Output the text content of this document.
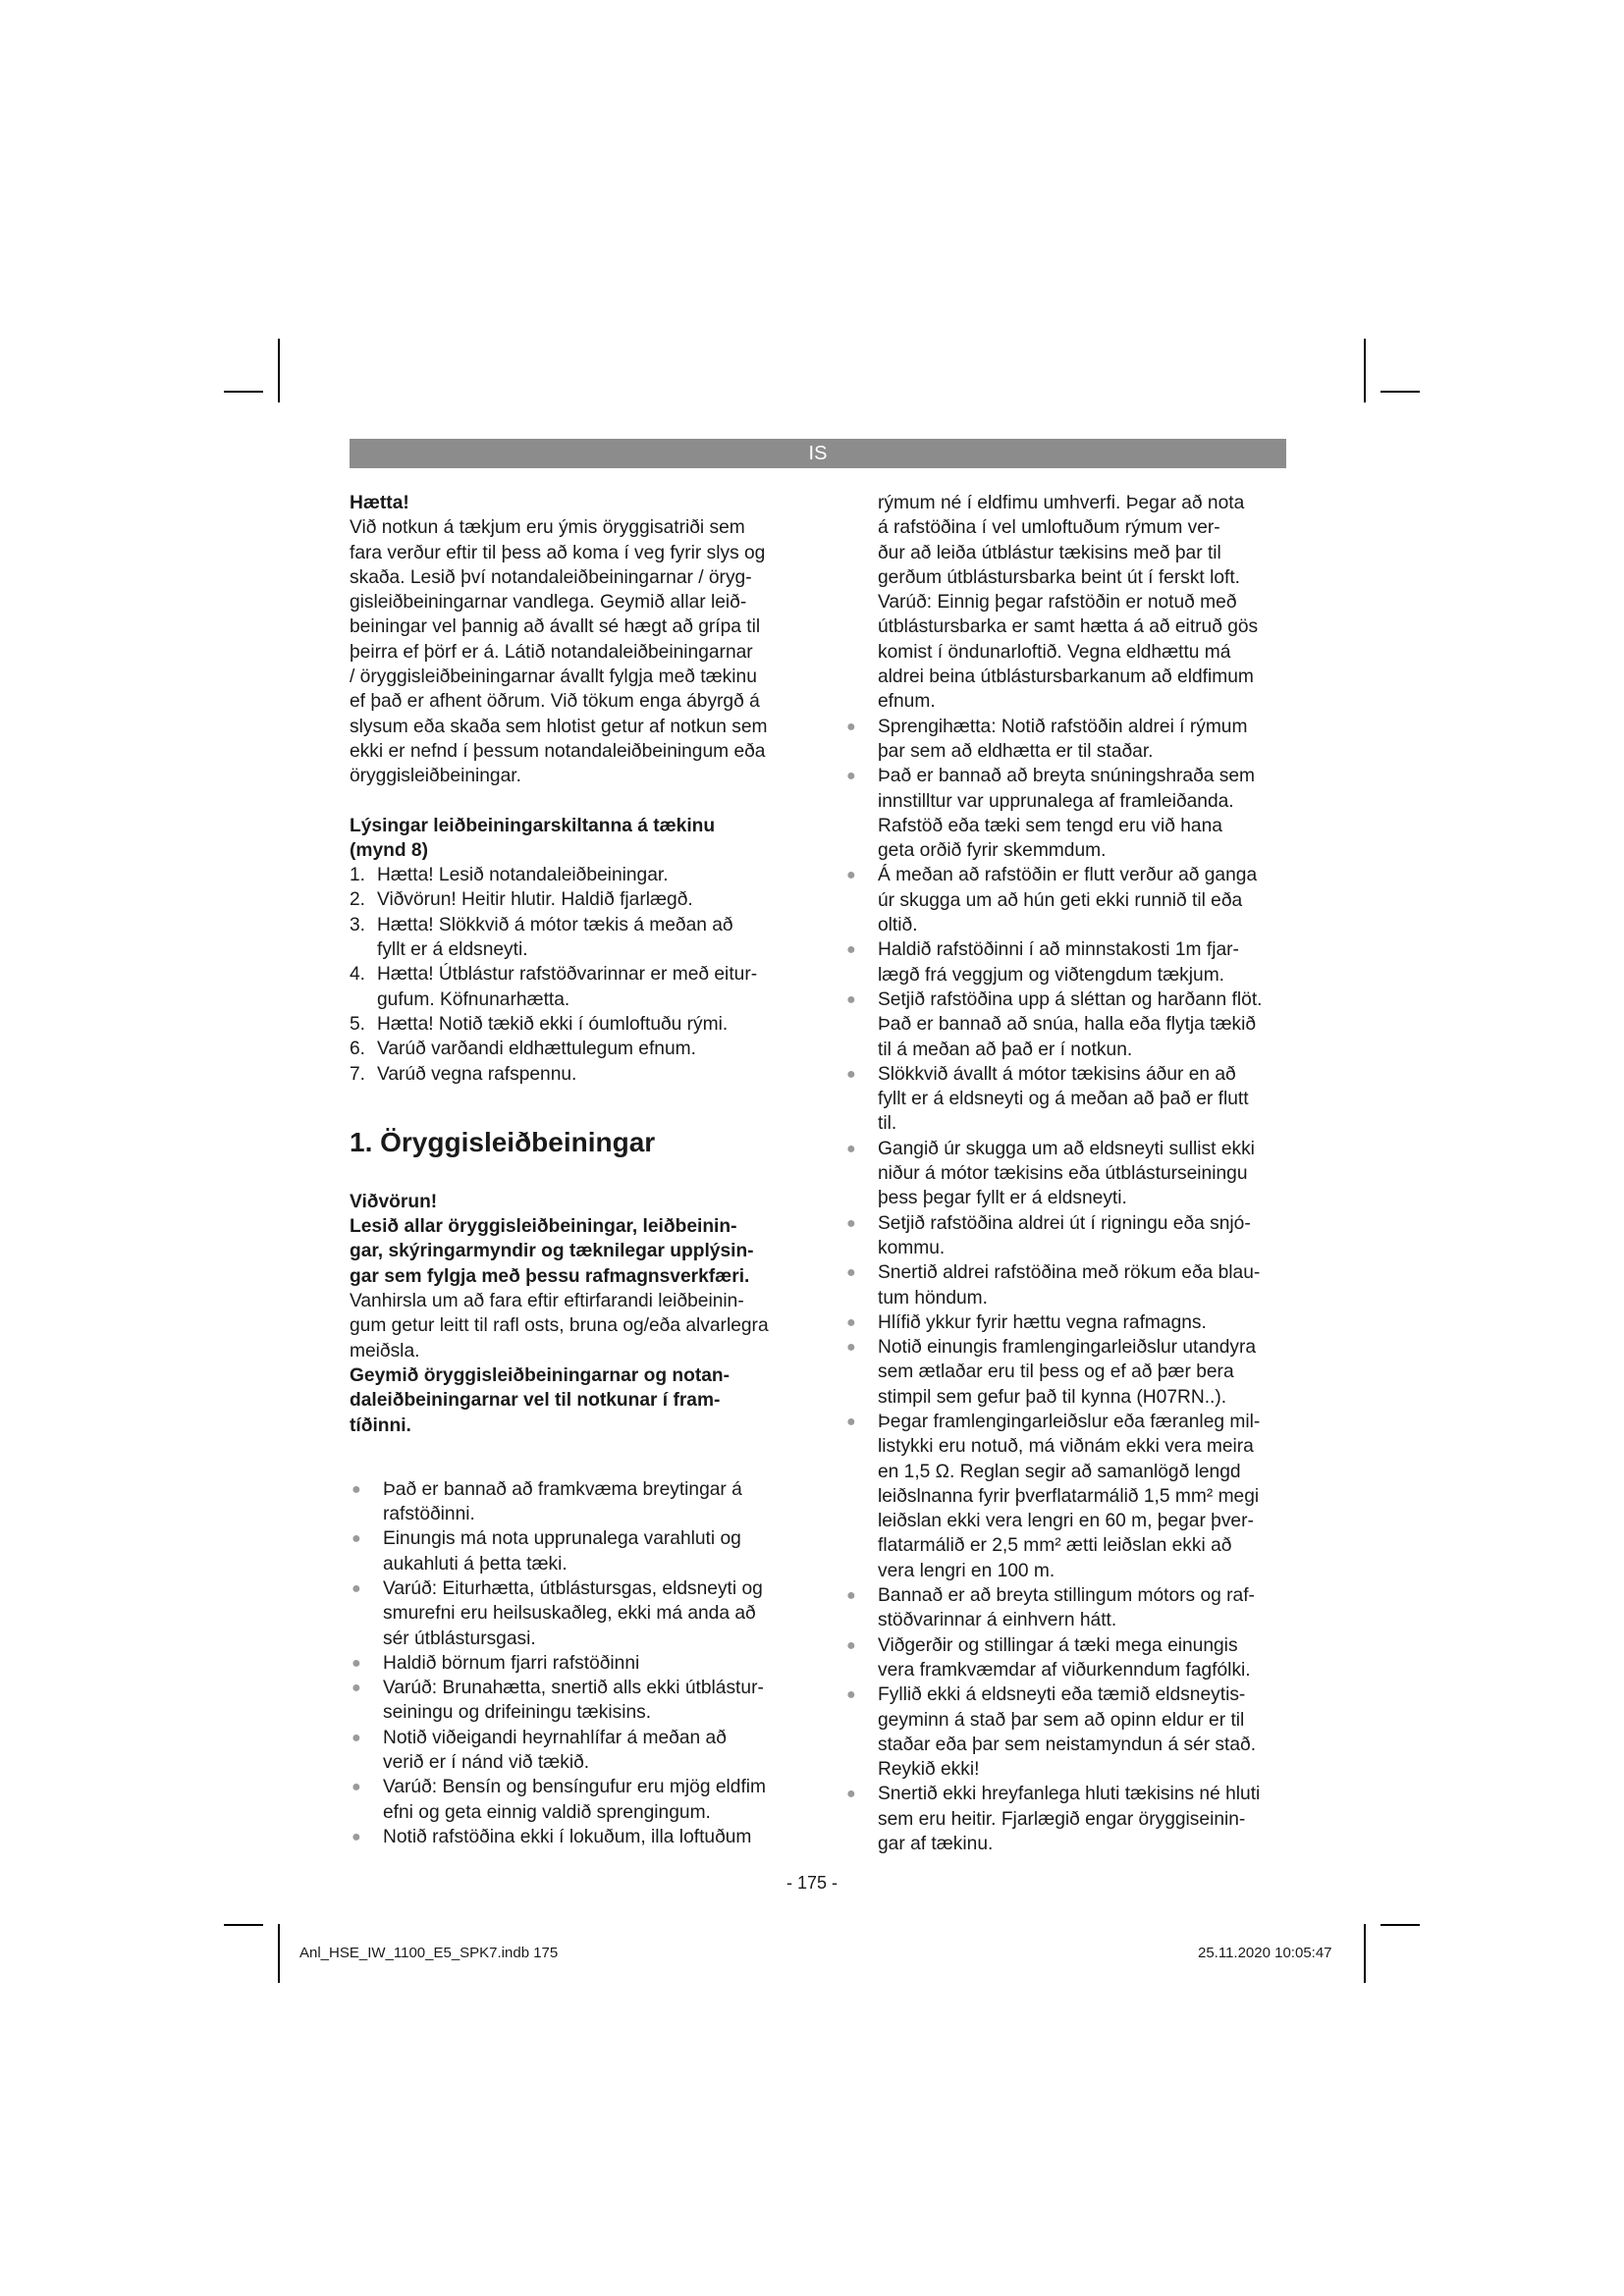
IS

Hætta!

Við notkun á tækjum eru ýmis öryggisatriði sem
fara verður eftir til þess að koma í veg fyrir slys og
skaða. Lesið því notandaleiðbeiningarnar / öryg-
gisleiðbeiningarnar vandlega. Geymið allar leið-
beiningar vel þannig að ávallt sé hægt að grípa til
þeirra ef þörf er á. Látið notandaleiðbeiningarnar
/ öryggisleiðbeiningarnar ávallt fylgja með tækinu
ef það er afhent öðrum. Við tökum enga ábyrgð á
slysum eða skaða sem hlotist getur af notkun sem
ekki er nefnd í þessum notandaleiðbeiningum eða
öryggisleiðbeiningar.
Lýsingar leiðbeiningarskiltanna á tækinu
(mynd 8)
1. Hætta! Lesið notandaleiðbeiningar.
2. Viðvörun! Heitir hlutir. Haldið fjarlægð.
3. Hætta! Slökkvið á mótor tækis á meðan að
fyllt er á eldsneyti.
4. Hætta! Útblástur rafstöðvarinnar er með eitur-
gufum. Köfnunarhætta.
5. Hætta! Notið tækið ekki í óumloftuðu rými.
6. Varúð varðandi eldhættulegum efnum.
7. Varúð vegna rafspennu.
1. Öryggisleiðbeiningar

Viðvörun!

Lesið allar öryggisleiðbeiningar, leiðbeinin-
gar, skýringarmyndir og tæknilegar upplýsin-
gar sem fylgja með þessu rafmagnsverkfæri.
Vanhirsla um að fara eftir eftirfarandi leiðbeinin-
gum getur leitt til rafl osts, bruna og/eða alvarlegra
meiðsla.
Geymið öryggisleiðbeiningarnar og notan-
daleiðbeiningarnar vel til notkunar í fram-
tíðinni.
● Það er bannað að framkvæma breytingar á
rafstöðinni.
● Einungis má nota upprunalega varahluti og
aukahluti á þetta tæki.
● Varúð: Eiturhætta, útblástursgas, eldsneyti og
smurefni eru heilsuskaðleg, ekki má anda að
sér útblástursgasi.
● Haldið börnum fjarri rafstöðinni
● Varúð: Brunahætta, snertið alls ekki útblástur-
seiningu og drifeiningu tækisins.
● Notið viðeigandi heyrnahlífar á meðan að
verið er í nánd við tækið.
● Varúð: Bensín og bensíngufur eru mjög eldfim
efni og geta einnig valdið sprengingum.
● Notið rafstöðina ekki í lokuðum, illa loftuðum
rýmum né í eldfimu umhverfi. Þegar að nota
á rafstöðina í vel umloftuðum rýmum ver-
ður að leiða útblástur tækisins með þar til
gerðum útblástursbarka beint út í ferskt loft.
Varúð: Einnig þegar rafstöðin er notuð með
útblástursbarka er samt hætta á að eitruð gös
komist í öndunarloftið. Vegna eldhættu má
aldrei beina útblástursbarkanum að eldfimum
efnum.
● Sprengihætta: Notið rafstöðin aldrei í rýmum
þar sem að eldhætta er til staðar.
● Það er bannað að breyta snúningshraða sem
innstilltur var upprunalega af framleiðanda.
Rafstöð eða tæki sem tengd eru við hana
geta orðið fyrir skemmdum.
● Á meðan að rafstöðin er flutt verður að ganga
úr skugga um að hún geti ekki runnið til eða
oltið.
● Haldið rafstöðinni í að minnstakosti 1m fjar-
lægð frá veggjum og viðtengdum tækjum.
● Setjið rafstöðina upp á sléttan og harðann flöt.
Það er bannað að snúa, halla eða flytja tækið
til á meðan að það er í notkun.
● Slökkvið ávallt á mótor tækisins áður en að
fyllt er á eldsneyti og á meðan að það er flutt
til.
● Gangið úr skugga um að eldsneyti sullist ekki
niður á mótor tækisins eða útblásturseiningu
þess þegar fyllt er á eldsneyti.
● Setjið rafstöðina aldrei út í rigningu eða snjó-
kommu.
● Snertið aldrei rafstöðina með rökum eða blau-
tum höndum.
● Hlífið ykkur fyrir hættu vegna rafmagns.
● Notið einungis framlengingarleiðslur utandyra
sem ætlaðar eru til þess og ef að þær bera
stimpil sem gefur það til kynna (H07RN..).
● Þegar framlengingarleiðslur eða færanleg mil-
listykki eru notuð, má viðnám ekki vera meira
en 1,5 Ω. Reglan segir að samanlögð lengd
leiðslnanna fyrir þverflatarmálið 1,5 mm² megi
leiðslan ekki vera lengri en 60 m, þegar þver-
flatarmálið er 2,5 mm² ætti leiðslan ekki að
vera lengri en 100 m.
● Bannað er að breyta stillingum mótors og raf-
stöðvarinnar á einhvern hátt.
● Viðgerðir og stillingar á tæki mega einungis
vera framkvæmdar af viðurkenndum fagfólki.
● Fyllið ekki á eldsneyti eða tæmið eldsneytis-
geyminn á stað þar sem að opinn eldur er til
staðar eða þar sem neistamyndun á sér stað.
Reykið ekki!
● Snertið ekki hreyfanlega hluti tækisins né hluti
sem eru heitir. Fjarlægið engar öryggiseinin-
gar af tækinu.
- 175 -
Anl_HSE_IW_1100_E5_SPK7.indb 175	25.11.2020 10:05:47
